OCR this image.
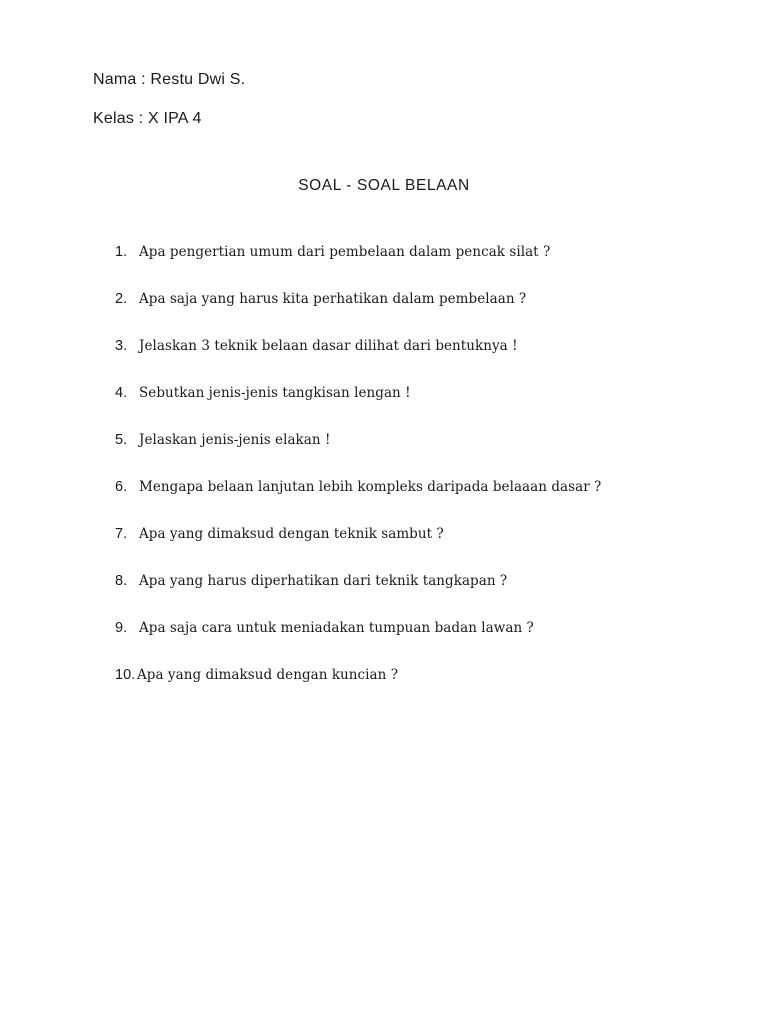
Nama : Restu Dwi S.
Kelas : X IPA 4
SOAL - SOAL BELAAN
1. Apa pengertian umum dari pembelaan dalam pencak silat ?
2. Apa saja yang harus kita perhatikan dalam pembelaan ?
3. Jelaskan 3 teknik belaan dasar dilihat dari bentuknya !
4. Sebutkan jenis-jenis tangkisan lengan !
5. Jelaskan jenis-jenis elakan !
6. Mengapa belaan lanjutan lebih kompleks daripada belaaan dasar ?
7. Apa yang dimaksud dengan teknik sambut ?
8. Apa yang harus diperhatikan dari teknik tangkapan ?
9. Apa saja cara untuk meniadakan tumpuan badan lawan ?
10. Apa yang dimaksud dengan kuncian ?
